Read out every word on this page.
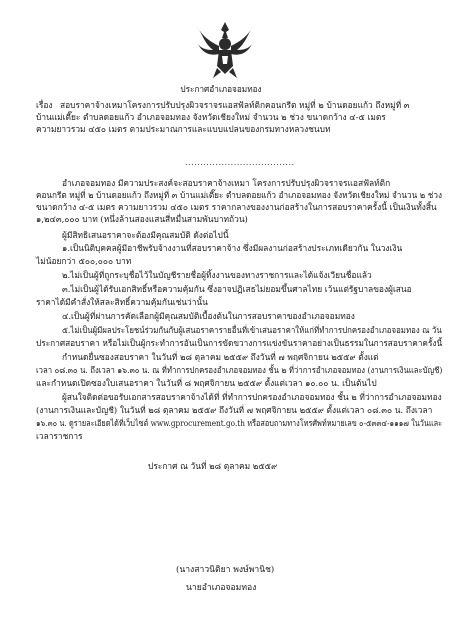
ประกาศอำเภอจอมทอง
เรื่อง สอบราคาจ้างเหมาโครงการปรับปรุงผิวจราจรแอสฟัลท์ติกคอนกรีต หมู่ที่ ๒ บ้านดอยแก้ว ถึงหมู่ที่ ๓
บ้านแม่เตี๊ยะ ตำบลดอยแก้ว อำเภอจอมทอง จังหวัดเชียงใหม่ จำนวน ๒ ช่วง ขนาดกว้าง ๔-๕ เมตร
ความยาวรวม ๔๕๐ เมตร ตามประมาณการและแบบแปลนของกรมทางหลวงชนบท
....................................
อำเภอจอมทอง มีความประสงค์จะสอบราคาจ้างเหมา โครงการปรับปรุงผิวจราจรแอสฟัลท์ติก
คอนกรีต หมู่ที่ ๒ บ้านดอยแก้ว ถึงหมู่ที่ ๓ บ้านแม่เตี๊ยะ ตำบลดอยแก้ว อำเภอจอมทอง จังหวัดเชียงใหม่ จำนวน ๒ ช่วง
ขนาดกว้าง ๔-๕ เมตร ความยาวรวม ๔๕๐ เมตร ราคากลางของงานก่อสร้างในการสอบราคาครั้งนี้ เป็นเงินทั้งสิ้น
๑,๒๔๓,๐๐๐ บาท (หนึ่งล้านสองแสนสี่หมื่นสามพันบาทถ้วน)
ผู้มีสิทธิเสนอราคาจะต้องมีคุณสมบัติ ดังต่อไปนี้
๑.เป็นนิติบุคคลผู้มีอาชีพรับจ้างงานที่สอบราคาจ้าง ซึ่งมีผลงานก่อสร้างประเภทเดียวกัน ในวงเงิน
ไม่น้อยกว่า ๕๐๐,๐๐๐ บาท
๒.ไม่เป็นผู้ที่ถูกระบุชื่อไว้ในบัญชีรายชื่อผู้ทิ้งงานของทางราชการและได้แจ้งเวียนชื่อแล้ว
๓.ไม่เป็นผู้ได้รับเอกสิทธิ์หรือความคุ้มกัน ซึ่งอาจปฏิเสธไม่ยอมขึ้นศาลไทย เว้นแต่รัฐบาลของผู้เสนอ
ราคาได้มีคำสั่งให้สละสิทธิ์ความคุ้มกันเช่นว่านั้น
๔.เป็นผู้ที่ผ่านการคัดเลือกผู้มีคุณสมบัติเบื้องต้นในการสอบราคาของอำเภอจอมทอง
๕.ไม่เป็นผู้มีผลประโยชน์ร่วมกันกับผู้เสนอราคารายอื่นที่เข้าเสนอราคาให้แก่ที่ทำการปกครองอำเภอจอมทอง ณ วัน
ประกาศสอบราคา หรือไม่เป็นผู้กระทำการอันเป็นการขัดขวางการแข่งขันราคาอย่างเป็นธรรมในการสอบราคาครั้งนี้
กำหนดยื่นซองสอบราคา ในวันที่ ๒๘ ตุลาคม ๒๕๕๙ ถึงวันที่ ๗ พฤศจิกายน ๒๕๕๙ ตั้งแต่
เวลา ๐๘.๓๐ น. ถึงเวลา ๑๖.๓๐ น. ณ ที่ทำการปกครองอำเภอจอมทอง ชั้น ๒ ที่ว่าการอำเภอจอมทอง (งานการเงินและบัญชี)
และกำหนดเปิดซองใบเสนอราคา ในวันที่ ๘ พฤศจิกายน ๒๕๕๙ ตั้งแต่เวลา ๑๐.๐๐ น. เป็นต้นไป
ผู้สนใจติดต่อขอรับเอกสารสอบราคาจ้างได้ที่ ที่ทำการปกครองอำเภอจอมทอง ชั้น ๒ ที่ว่าการอำเภอจอมทอง
(งานการเงินและบัญชี) ในวันที่ ๒๘ ตุลาคม ๒๕๕๙ ถึงวันที่ ๗ พฤศจิกายน ๒๕๕๙ ตั้งแต่เวลา ๐๘.๓๐ น. ถึงเวลา
๑๖.๓๐ น. ดูรายละเอียดได้ที่เว็บไซต์ www.gprocurement.go.th หรือสอบถามทางโทรศัพท์หมายเลข ๐-๕๓๓๔-๑๑๑๗ ในวันและ
เวลาราชการ
ประกาศ ณ วันที่ ๒๘ ตุลาคม ๒๕๕๙
(นางสาวนิติยา พงษ์พานิช)
นายอำเภอจอมทอง
